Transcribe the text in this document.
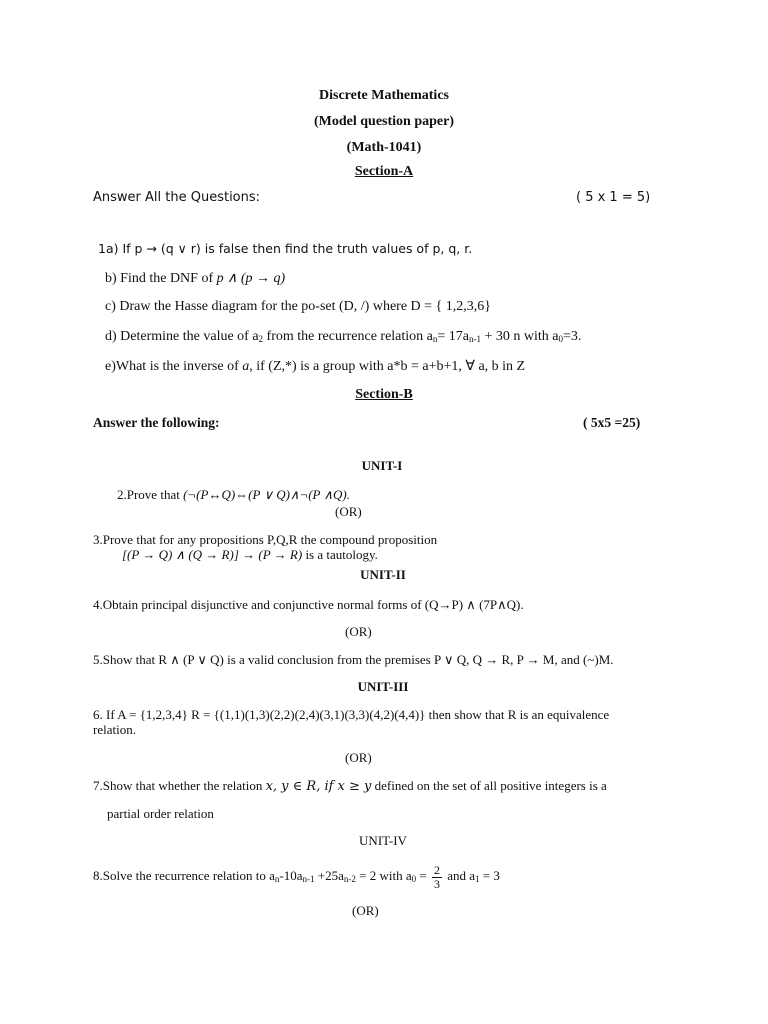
Discrete Mathematics
(Model question paper)
(Math-1041)
Section-A
Answer All the Questions:	( 5 x 1 = 5)
1a) If p → (q ∨ r) is false then find the truth values of p, q, r.
b) Find the DNF of p ∧ (p → q)
c) Draw the Hasse diagram for the po-set (D, /) where D = { 1,2,3,6}
d) Determine the value of $a_2$ from the recurrence relation $a_n= 17a_{n-1} + 30$ n with $a_0=3$.
e)What is the inverse of a, if (Z,*) is a group with a*b = a+b+1, ∀ a, b in Z
Section-B
Answer the following:	( 5x5 =25)
UNIT-I
2.Prove that (¬(P↔Q)⇔(P ∨ Q)∧¬(P ∧Q).
(OR)
3.Prove that for any propositions P,Q,R the compound proposition
[(P → Q) ∧ (Q → R)] → (P → R) is a tautology.
UNIT-II
4.Obtain principal disjunctive and conjunctive normal forms of (Q→P) ∧ (7P∧Q).
(OR)
5.Show that R ∧ (P ∨ Q) is a valid conclusion from the premises P ∨ Q, Q → R, P → M, and (~)M.
UNIT-III
6. If A = {1,2,3,4} R = {(1,1)(1,3)(2,2)(2,4)(3,1)(3,3)(4,2)(4,4)} then show that R is an equivalence
relation.
(OR)
7.Show that whether the relation x, y ∈ R, if x ≥ y defined on the set of all positive integers is a
partial order relation
UNIT-IV
8.Solve the recurrence relation to $a_n-10a_{n-1} +25a_{n-2} = 2$ with $a_0 = \frac{2}{3}$ and $a_1 = 3$
(OR)
